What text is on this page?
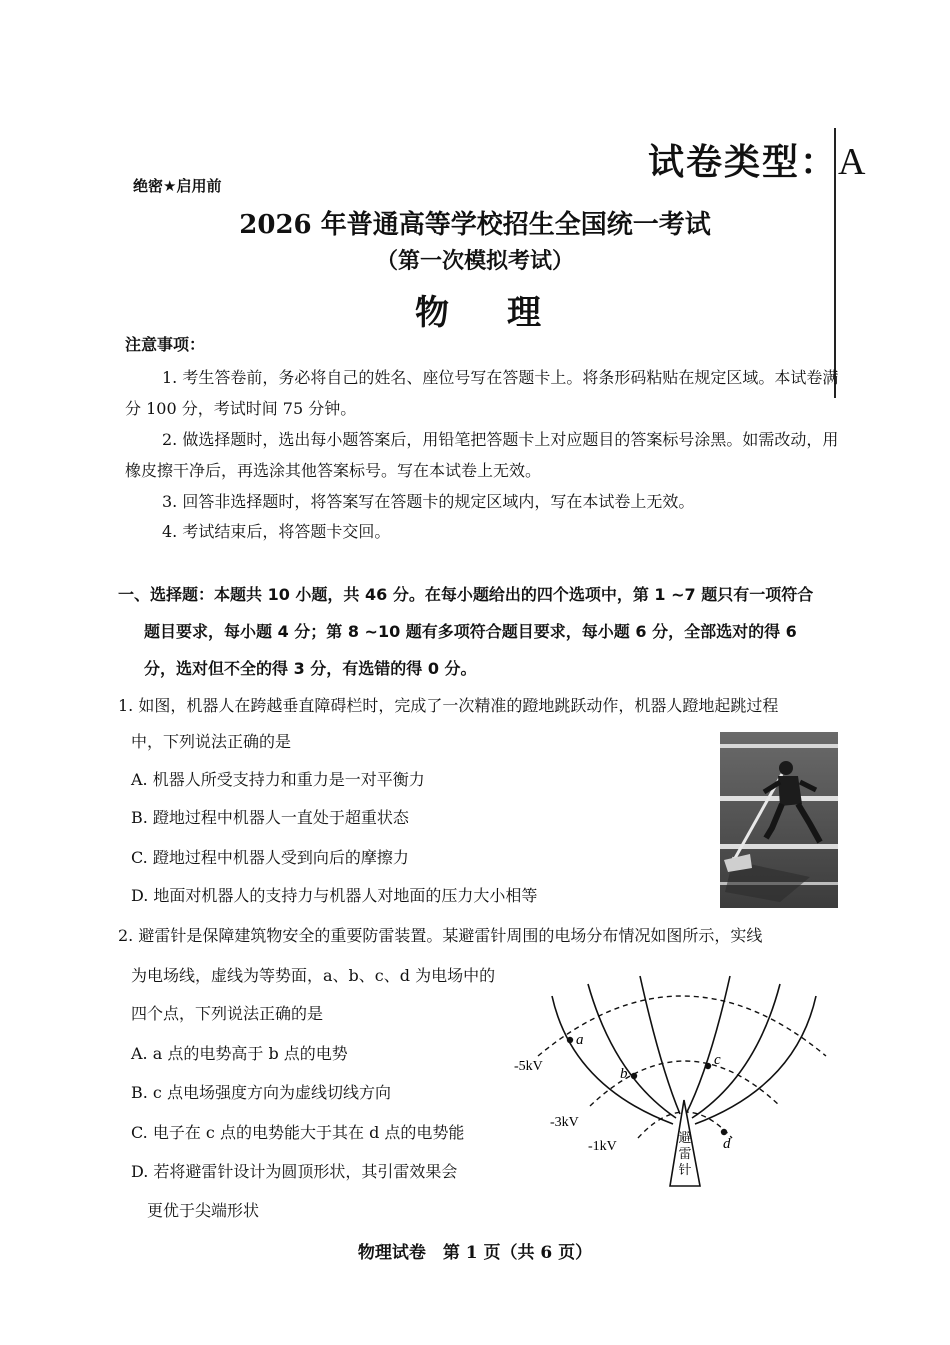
试卷类型：A
绝密★启用前
2026 年普通高等学校招生全国统一考试
（第一次模拟考试）
物理
注意事项：
1. 考生答卷前，务必将自己的姓名、座位号写在答题卡上。将条形码粘贴在规定区域。本试卷满分 100 分，考试时间 75 分钟。
2. 做选择题时，选出每小题答案后，用铅笔把答题卡上对应题目的答案标号涂黑。如需改动，用橡皮擦干净后，再选涂其他答案标号。写在本试卷上无效。
3. 回答非选择题时，将答案写在答题卡的规定区域内，写在本试卷上无效。
4. 考试结束后，将答题卡交回。
一、选择题：本题共 10 小题，共 46 分。在每小题给出的四个选项中，第 1 ~7 题只有一项符合
题目要求，每小题 4 分；第 8 ~10 题有多项符合题目要求，每小题 6 分，全部选对的得 6
分，选对但不全的得 3 分，有选错的得 0 分。
1. 如图，机器人在跨越垂直障碍栏时，完成了一次精准的蹬地跳跃动作，机器人蹬地起跳过程
中，下列说法正确的是
A. 机器人所受支持力和重力是一对平衡力
B. 蹬地过程中机器人一直处于超重状态
C. 蹬地过程中机器人受到向后的摩擦力
D. 地面对机器人的支持力与机器人对地面的压力大小相等
2. 避雷针是保障建筑物安全的重要防雷装置。某避雷针周围的电场分布情况如图所示，实线
为电场线，虚线为等势面，a、b、c、d 为电场中的
四个点，下列说法正确的是
A. a 点的电势高于 b 点的电势
B. c 点电场强度方向为虚线切线方向
C. 电子在 c 点的电势能大于其在 d 点的电势能
D. 若将避雷针设计为圆顶形状，其引雷效果会
更优于尖端形状
避
雷
针
-5kV
-3kV
-1kV
a
b
c
d
物理试卷　第 1 页（共 6 页）
